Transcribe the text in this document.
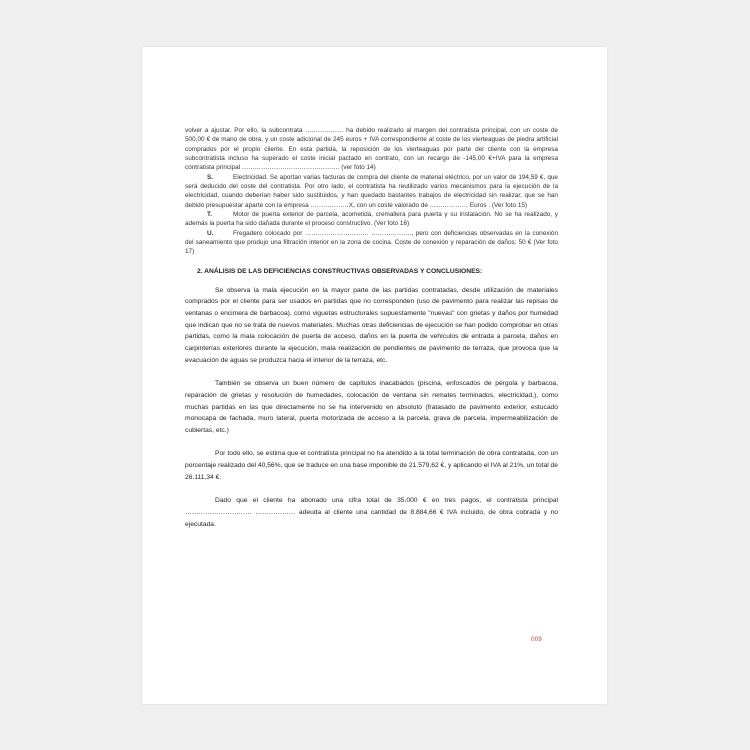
volver a ajustar. Por ello, la subcontrata ……………… ha debido realizarlo al margen del contratista principal, con un coste de 500,00 € de mano de obra, y un coste adicional de 245 euros + IVA correspondiente al coste de los vierteaguas de piedra artificial comprados por el propio cliente. En esta partida, la reposición de los vierteaguas por parte del cliente con la empresa subcontratista incluso ha superado el coste inicial pactado en contrato, con un recargo de -145,00 €+IVA para la empresa contratista principal ………………………………………. (ver foto 14)

S.	Electricidad. Se aportan varias facturas de compra del cliente de material eléctrico, por un valor de 194,59 €, que será deducido del coste del contratista. Por otro lado, el contratista ha reutilizado varios mecanismos para la ejecución de la electricidad, cuando deberían haber sido sustituidos, y han quedado bastantes trabajos de electricidad sin realizar, que se han debido presupuestar aparte con la empresa ………………X, con un coste valorado de ……………… Euros . (Ver foto 15)

T.	Motor de puerta exterior de parcela, acometida, cremallera para puerta y su instalación. No se ha realizado, y además la puerta ha sido dañada durante el proceso constructivo. (Ver foto 16)

U.	Fregadero colocado por ………………………… ………………., pero con deficiencias observadas en la conexión del saneamiento que produjo una filtración interior en la zona de cocina. Coste de conexión y reparación de daños: 50 € (Ver foto 17)

2. ANÁLISIS DE LAS DEFICIENCIAS CONSTRUCTIVAS OBSERVADAS Y CONCLUSIONES:

Se observa la mala ejecución en la mayor parte de las partidas contratadas, desde utilización de materiales comprados por el cliente para ser usados en partidas que no corresponden (uso de pavimento para realizar las repisas de ventanas o encimera de barbacoa), como viguetas estructurales supuestamente "nuevas" con grietas y daños por humedad que indican que no se trata de nuevos materiales. Muchas otras deficiencias de ejecución se han podido comprobar en otras partidas, como la mala colocación de puerta de acceso, daños en la puerta de vehículos de entrada a parcela, daños en carpinterías exteriores durante la ejecución, mala realización de pendientes de pavimento de terraza, que provoca que la evacuación de aguas se produzca hacia el interior de la terraza, etc.

También se observa un buen número de capítulos inacabados (piscina, enfoscados de pérgola y barbacoa, reparación de grietas y resolución de humedades, colocación de ventana sin remates terminados, electricidad.), como muchas partidas en las que directamente no se ha intervenido en absoluto (fratasado de pavimento exterior, estucado monocapa de fachada, muro lateral, puerta motorizada de acceso a la parcela, grava de parcela, impermeabilización de cubiertas, etc.)

Por todo ello, se estima que el contratista principal no ha atendido a la total terminación de obra contratada, con un porcentaje realizado del 40,56%, que se traduce en una base imponible de 21.579,62 €, y aplicando el IVA al 21%, un total de 26.111,34 €.

Dado que el cliente ha abonado una cifra total de 35.000 € en tres pagos, el contratista principal ………………………… ……………… adeuda al cliente una cantidad de 8.884,66 € IVA incluido, de obra cobrada y no ejecutada.

009
